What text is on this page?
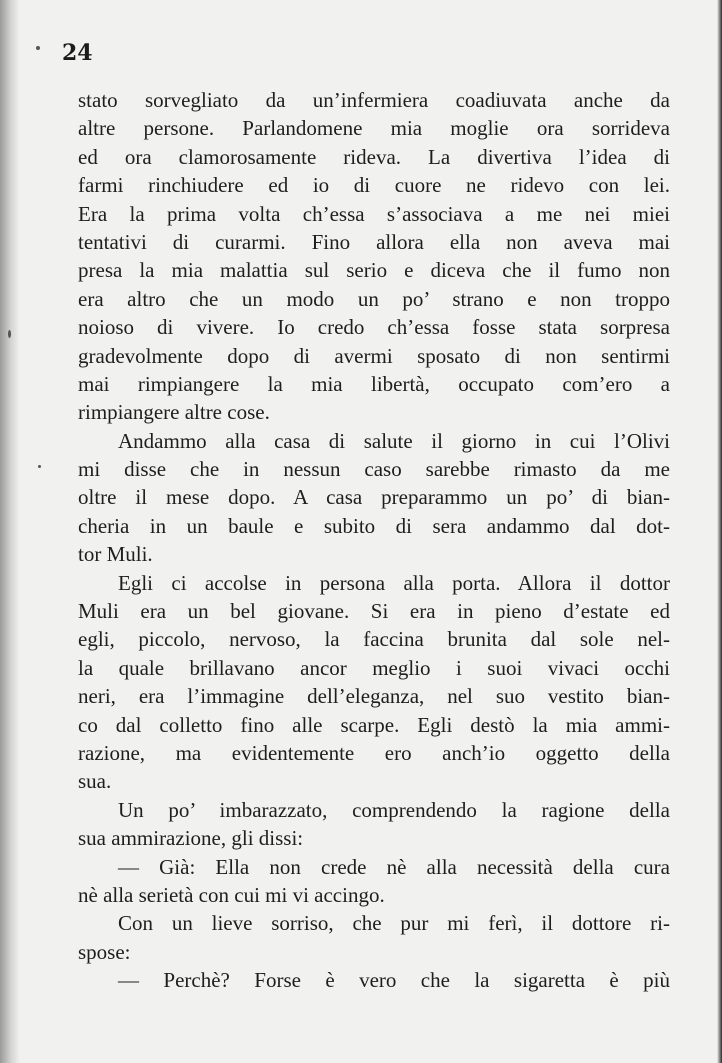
24
stato sorvegliato da un’infermiera coadiuvata anche da
altre persone. Parlandomene mia moglie ora sorrideva
ed ora clamorosamente rideva. La divertiva l’idea di
farmi rinchiudere ed io di cuore ne ridevo con lei.
Era la prima volta ch’essa s’associava a me nei miei
tentativi di curarmi. Fino allora ella non aveva mai
presa la mia malattia sul serio e diceva che il fumo non
era altro che un modo un po’ strano e non troppo
noioso di vivere. Io credo ch’essa fosse stata sorpresa
gradevolmente dopo di avermi sposato di non sentirmi
mai rimpiangere la mia libertà, occupato com’ero a
rimpiangere altre cose.
Andammo alla casa di salute il giorno in cui l’Olivi
mi disse che in nessun caso sarebbe rimasto da me
oltre il mese dopo. A casa preparammo un po’ di bian-
cheria in un baule e subito di sera andammo dal dot-
tor Muli.
Egli ci accolse in persona alla porta. Allora il dottor
Muli era un bel giovane. Si era in pieno d’estate ed
egli, piccolo, nervoso, la faccina brunita dal sole nel-
la quale brillavano ancor meglio i suoi vivaci occhi
neri, era l’immagine dell’eleganza, nel suo vestito bian-
co dal colletto fino alle scarpe. Egli destò la mia ammi-
razione, ma evidentemente ero anch’io oggetto della
sua.
Un po’ imbarazzato, comprendendo la ragione della
sua ammirazione, gli dissi:
— Già: Ella non crede nè alla necessità della cura
nè alla serietà con cui mi vi accingo.
Con un lieve sorriso, che pur mi ferì, il dottore ri-
spose:
— Perchè? Forse è vero che la sigaretta è più
